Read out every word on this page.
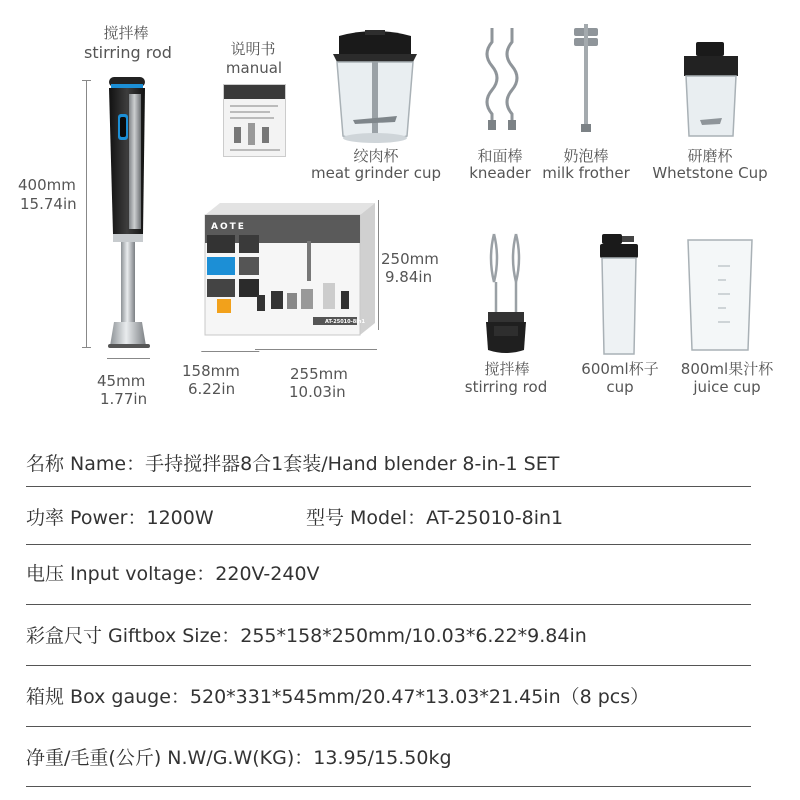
搅拌棒
stirring rod
400mm
15.74in
45mm
1.77in
说明书
manual
绞肉杯
meat grinder cup
和面棒
kneader
奶泡棒
milk frother
研磨杯
Whetstone Cup
AOTE
AT-25010-8in1
250mm
9.84in
158mm
6.22in
255mm
10.03in
搅拌棒
stirring rod
600ml杯子
cup
800ml果汁杯
juice cup
名称 Name：手持搅拌器8合1套装/Hand blender 8-in-1 SET
功率 Power：1200W	型号 Model：AT-25010-8in1
电压 Input voltage：220V-240V
彩盒尺寸 Giftbox Size：255*158*250mm/10.03*6.22*9.84in
箱规 Box gauge：520*331*545mm/20.47*13.03*21.45in（8 pcs）
净重/毛重(公斤) N.W/G.W(KG)：13.95/15.50kg
